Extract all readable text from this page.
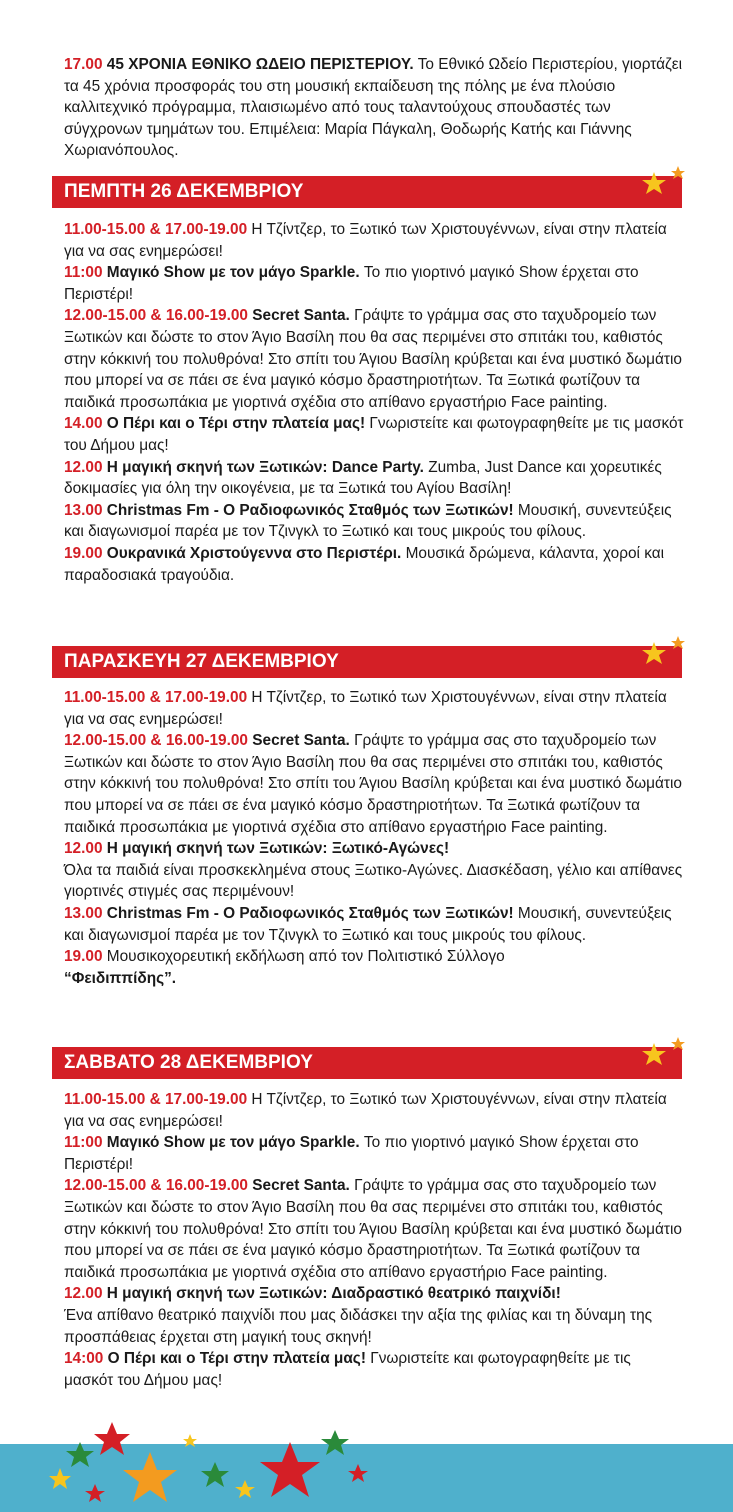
17.00 45 ΧΡΟΝΙΑ ΕΘΝΙΚΟ ΩΔΕΙΟ ΠΕΡΙΣΤΕΡΙΟΥ. Το Εθνικό Ωδείο Περιστερίου, γιορτάζει τα 45 χρόνια προσφοράς του στη μουσική εκπαίδευση της πόλης με ένα πλούσιο καλλιτεχνικό πρόγραμμα, πλαισιωμένο από τους ταλαντούχους σπουδαστές των σύγχρονων τμημάτων του. Επιμέλεια: Μαρία Πάγκαλη, Θοδωρής Κατής και Γιάννης Χωριανόπουλος.

ΠΕΜΠΤΗ 26 ΔΕΚΕΜΒΡΙΟΥ

11.00-15.00 & 17.00-19.00 Η Τζίντζερ, το Ξωτικό των Χριστουγέννων, είναι στην πλατεία για να σας ενημερώσει!

11:00 Μαγικό Show με τον μάγο Sparkle. Το πιο γιορτινό μαγικό Show έρχεται στο Περιστέρι!

12.00-15.00 & 16.00-19.00 Secret Santa. Γράψτε το γράμμα σας στο ταχυδρομείο των Ξωτικών και δώστε το στον Άγιο Βασίλη που θα σας περιμένει στο σπιτάκι του, καθιστός στην κόκκινή του πολυθρόνα! Στο σπίτι του Άγιου Βασίλη κρύβεται και ένα μυστικό δωμάτιο που μπορεί να σε πάει σε ένα μαγικό κόσμο δραστηριοτήτων. Τα Ξωτικά φωτίζουν τα παιδικά προσωπάκια με γιορτινά σχέδια στο απίθανο εργαστήριο Face painting.

14.00 Ο Πέρι και ο Τέρι στην πλατεία μας! Γνωριστείτε και φωτογραφηθείτε με τις μασκότ του Δήμου μας!

12.00 Η μαγική σκηνή των Ξωτικών: Dance Party. Zumba, Just Dance και χορευτικές δοκιμασίες για όλη την οικογένεια, με τα Ξωτικά του Αγίου Βασίλη!

13.00 Christmas Fm - Ο Ραδιοφωνικός Σταθμός των Ξωτικών! Μουσική, συνεντεύξεις και διαγωνισμοί παρέα με τον Τζινγκλ το Ξωτικό και τους μικρούς του φίλους.

19.00 Ουκρανικά Χριστούγεννα στο Περιστέρι. Μουσικά δρώμενα, κάλαντα, χοροί και παραδοσιακά τραγούδια.

ΠΑΡΑΣΚΕΥΗ 27 ΔΕΚΕΜΒΡΙΟΥ

11.00-15.00 & 17.00-19.00 Η Τζίντζερ, το Ξωτικό των Χριστουγέννων, είναι στην πλατεία για να σας ενημερώσει!

12.00-15.00 & 16.00-19.00 Secret Santa. Γράψτε το γράμμα σας στο ταχυδρομείο των Ξωτικών και δώστε το στον Άγιο Βασίλη που θα σας περιμένει στο σπιτάκι του, καθιστός στην κόκκινή του πολυθρόνα! Στο σπίτι του Άγιου Βασίλη κρύβεται και ένα μυστικό δωμάτιο που μπορεί να σε πάει σε ένα μαγικό κόσμο δραστηριοτήτων. Τα Ξωτικά φωτίζουν τα παιδικά προσωπάκια με γιορτινά σχέδια στο απίθανο εργαστήριο Face painting.

12.00 Η μαγική σκηνή των Ξωτικών: Ξωτικό-Αγώνες!
Όλα τα παιδιά είναι προσκεκλημένα στους Ξωτικο-Αγώνες. Διασκέδαση, γέλιο και απίθανες γιορτινές στιγμές σας περιμένουν!

13.00 Christmas Fm - Ο Ραδιοφωνικός Σταθμός των Ξωτικών! Μουσική, συνεντεύξεις και διαγωνισμοί παρέα με τον Τζινγκλ το Ξωτικό και τους μικρούς του φίλους.

19.00 Μουσικοχορευτική εκδήλωση από τον Πολιτιστικό Σύλλογο
“Φειδιππίδης”.

ΣΑΒΒΑΤΟ 28 ΔΕΚΕΜΒΡΙΟΥ

11.00-15.00 & 17.00-19.00 Η Τζίντζερ, το Ξωτικό των Χριστουγέννων, είναι στην πλατεία για να σας ενημερώσει!

11:00 Μαγικό Show με τον μάγο Sparkle. Το πιο γιορτινό μαγικό Show έρχεται στο Περιστέρι!

12.00-15.00 & 16.00-19.00 Secret Santa. Γράψτε το γράμμα σας στο ταχυδρομείο των Ξωτικών και δώστε το στον Άγιο Βασίλη που θα σας περιμένει στο σπιτάκι του, καθιστός στην κόκκινή του πολυθρόνα! Στο σπίτι του Άγιου Βασίλη κρύβεται και ένα μυστικό δωμάτιο που μπορεί να σε πάει σε ένα μαγικό κόσμο δραστηριοτήτων. Τα Ξωτικά φωτίζουν τα παιδικά προσωπάκια με γιορτινά σχέδια στο απίθανο εργαστήριο Face painting.

12.00 Η μαγική σκηνή των Ξωτικών: Διαδραστικό θεατρικό παιχνίδι!
Ένα απίθανο θεατρικό παιχνίδι που μας διδάσκει την αξία της φιλίας και τη δύναμη της προσπάθειας έρχεται στη μαγική τους σκηνή!

14:00 Ο Πέρι και ο Τέρι στην πλατεία μας! Γνωριστείτε και φωτογραφηθείτε με τις μασκότ του Δήμου μας!
